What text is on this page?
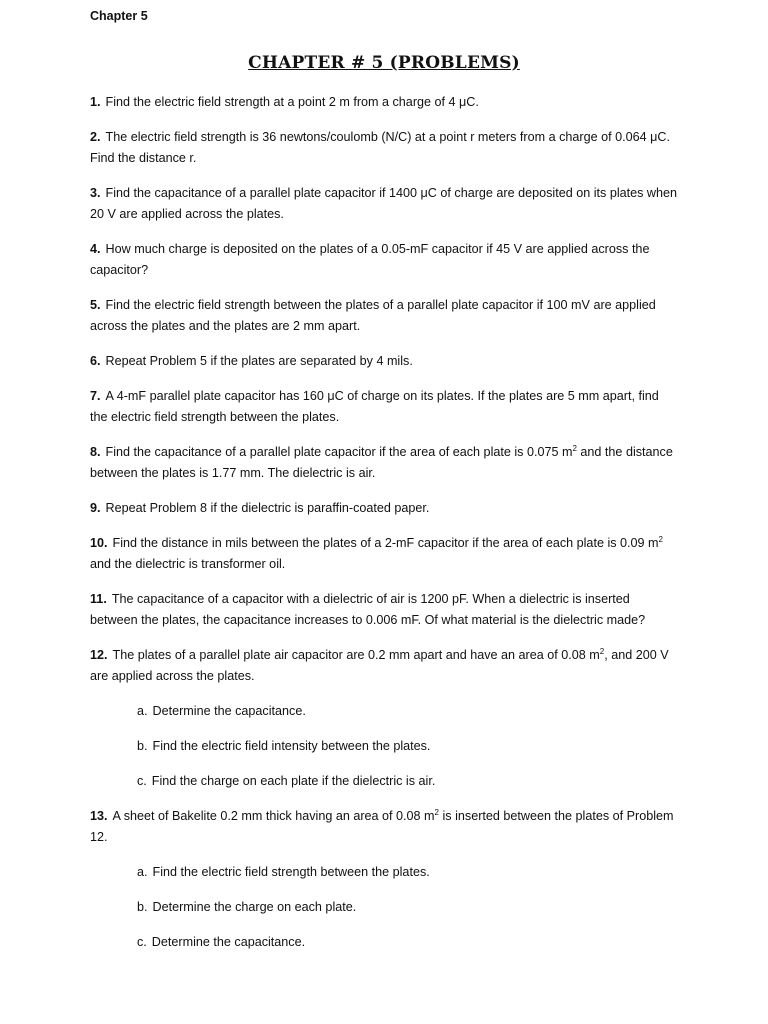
Chapter 5
CHAPTER # 5 (PROBLEMS)
1. Find the electric field strength at a point 2 m from a charge of 4 μC.
2. The electric field strength is 36 newtons/coulomb (N/C) at a point r meters from a charge of 0.064 μC. Find the distance r.
3. Find the capacitance of a parallel plate capacitor if 1400 μC of charge are deposited on its plates when 20 V are applied across the plates.
4. How much charge is deposited on the plates of a 0.05-mF capacitor if 45 V are applied across the capacitor?
5. Find the electric field strength between the plates of a parallel plate capacitor if 100 mV are applied across the plates and the plates are 2 mm apart.
6. Repeat Problem 5 if the plates are separated by 4 mils.
7. A 4-mF parallel plate capacitor has 160 μC of charge on its plates. If the plates are 5 mm apart, find the electric field strength between the plates.
8. Find the capacitance of a parallel plate capacitor if the area of each plate is 0.075 $m^2$ and the distance between the plates is 1.77 mm. The dielectric is air.
9. Repeat Problem 8 if the dielectric is paraffin-coated paper.
10. Find the distance in mils between the plates of a 2-mF capacitor if the area of each plate is 0.09 $m^2$ and the dielectric is transformer oil.
11. The capacitance of a capacitor with a dielectric of air is 1200 pF. When a dielectric is inserted between the plates, the capacitance increases to 0.006 mF. Of what material is the dielectric made?
12. The plates of a parallel plate air capacitor are 0.2 mm apart and have an area of 0.08 $m^2$, and 200 V are applied across the plates.
a. Determine the capacitance.
b. Find the electric field intensity between the plates.
c. Find the charge on each plate if the dielectric is air.
13. A sheet of Bakelite 0.2 mm thick having an area of 0.08 $m^2$ is inserted between the plates of Problem 12.
a. Find the electric field strength between the plates.
b. Determine the charge on each plate.
c. Determine the capacitance.
